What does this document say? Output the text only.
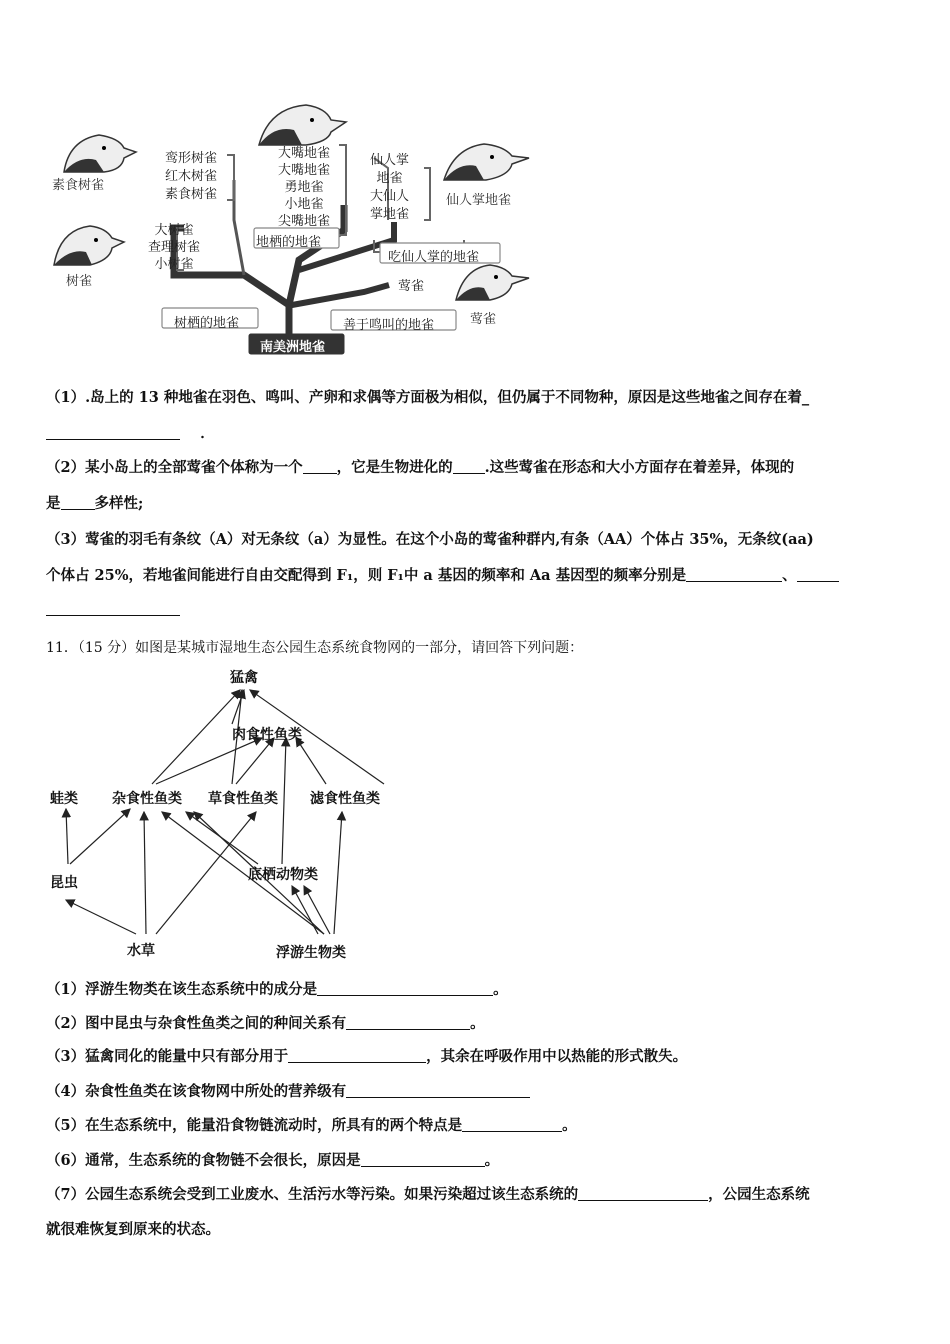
素食树雀
树雀
仙人掌地雀
莺雀
鸾形树雀
红木树雀
素食树雀
大树雀
查理树雀
小树雀
大嘴地雀
大嘴地雀
勇地雀
小地雀
尖嘴地雀
仙人掌
地雀
大仙人
掌地雀
莺雀
地栖的地雀
吃仙人掌的地雀
树栖的地雀	善于鸣叫的地雀
南美洲地雀
（1）.岛上的 13 种地雀在羽色、鸣叫、产卵和求偶等方面极为相似，但仍属于不同物种，原因是这些地雀之间存在着_
．
（2）某小岛上的全部莺雀个体称为一个 ，它是生物进化的 .这些莺雀在形态和大小方面存在着差异，体现的
是 多样性;
（3）莺雀的羽毛有条纹（A）对无条纹（a）为显性。在这个小岛的莺雀种群内,有条（AA）个体占 35%，无条纹(aa)
个体占 25%，若地雀间能进行自由交配得到 F₁，则 F₁中 a 基因的频率和 Aa 基因型的频率分别是	、
11．（15 分）如图是某城市湿地生态公园生态系统食物网的一部分，请回答下列问题：
猛禽
肉食性鱼类
蛙类 杂食性鱼类 草食性鱼类 滤食性鱼类
昆虫	底栖动物类
水草	浮游生物类
（1）浮游生物类在该生态系统中的成分是	。
（2）图中昆虫与杂食性鱼类之间的种间关系有	。
（3）猛禽同化的能量中只有部分用于	，其余在呼吸作用中以热能的形式散失。
（4）杂食性鱼类在该食物网中所处的营养级有
（5）在生态系统中，能量沿食物链流动时，所具有的两个特点是	。
（6）通常，生态系统的食物链不会很长，原因是	。
（7）公园生态系统会受到工业废水、生活污水等污染。如果污染超过该生态系统的	，公园生态系统
就很难恢复到原来的状态。
